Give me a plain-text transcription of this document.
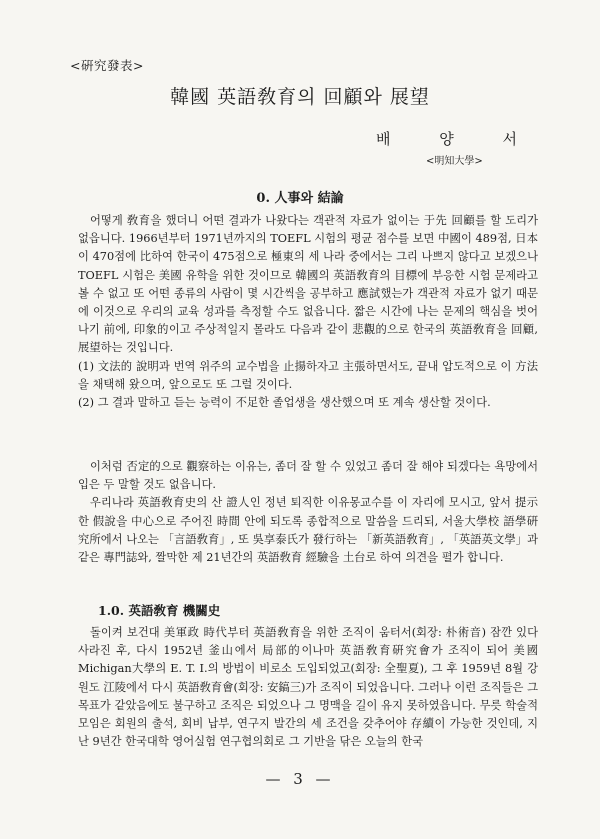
<硏究發表>
韓國 英語敎育의 回顧와 展望
배 양 서
<明知大學>
0. 人事와 結論

어떻게 敎育을 했더니 어떤 결과가 나왔다는 객관적 자료가 없이는 于先 回顧를 할 도리가 없읍니다. 1966년부터 1971년까지의 TOEFL 시험의 평균 점수를 보면 中國이 489점, 日本이 470점에 比하여 한국이 475점으로 極東의 세 나라 중에서는 그리 나쁘지 않다고 보겠으나 TOEFL 시험은 美國 유학을 위한 것이므로 韓國의 英語敎育의 目標에 부응한 시험 문제라고 볼 수 없고 또 어떤 종류의 사람이 몇 시간씩을 공부하고 應試했는가 객관적 자료가 없기 때문에 이것으로 우리의 교육 성과를 측정할 수도 없읍니다. 짧은 시간에 나는 문제의 핵심을 벗어나기 前에, 印象的이고 주상적일지 몰라도 다음과 같이 悲觀的으로 한국의 英語敎育을 回顧, 展望하는 것입니다.

(1) 文法的 說明과 번역 위주의 교수법을 止揚하자고 主張하면서도, 끝내 압도적으로 이 方法을 채택해 왔으며, 앞으로도 또 그럴 것이다.

(2) 그 결과 말하고 듣는 능력이 不足한 졸업생을 생산했으며 또 계속 생산할 것이다.

이처럼 否定的으로 觀察하는 이유는, 좀더 잘 할 수 있었고 좀더 잘 해야 되겠다는 욕망에서 입은 두 말할 것도 없읍니다.

우리나라 英語敎育史의 산 證人인 정년 퇴직한 이유몽교수를 이 자리에 모시고, 앞서 提示한 假說을 中心으로 주어진 時間 안에 되도록 종합적으로 말씀을 드리되, 서울大學校 語學硏究所에서 나오는 「言語敎育」, 또 吳享泰氏가 發行하는 「新英語敎育」, 「英語英文學」과 같은 專門誌와, 짤막한 제 21년간의 英語敎育 經驗을 土台로 하여 의견을 펼가 합니다.

1.0. 英語敎育 機關史

돌이켜 보건대 美軍政 時代부터 英語敎育을 위한 조직이 움터서(회장: 朴術音) 잠깐 있다 사라진 후, 다시 1952년 釜山에서 局部的이나마 英語敎育硏究會가 조직이 되어 美國 Michigan大學의 E. T. I.의 방법이 비로소 도입되었고(회장: 全聖夏), 그 후 1959년 8월 강원도 江陵에서 다시 英語敎育會(회장: 安鎬三)가 조직이 되었읍니다. 그러나 이런 조직들은 그 목표가 같았음에도 불구하고 조직은 되었으나 그 명맥을 길이 유지 못하였읍니다. 무릇 학술적 모임은 회원의 출석, 회비 납부, 연구지 발간의 세 조건을 갖추어야 存續이 가능한 것인데, 지난 9년간 한국대학 영어실험 연구협의회로 그 기반을 닦은 오늘의 한국

— 3 —
